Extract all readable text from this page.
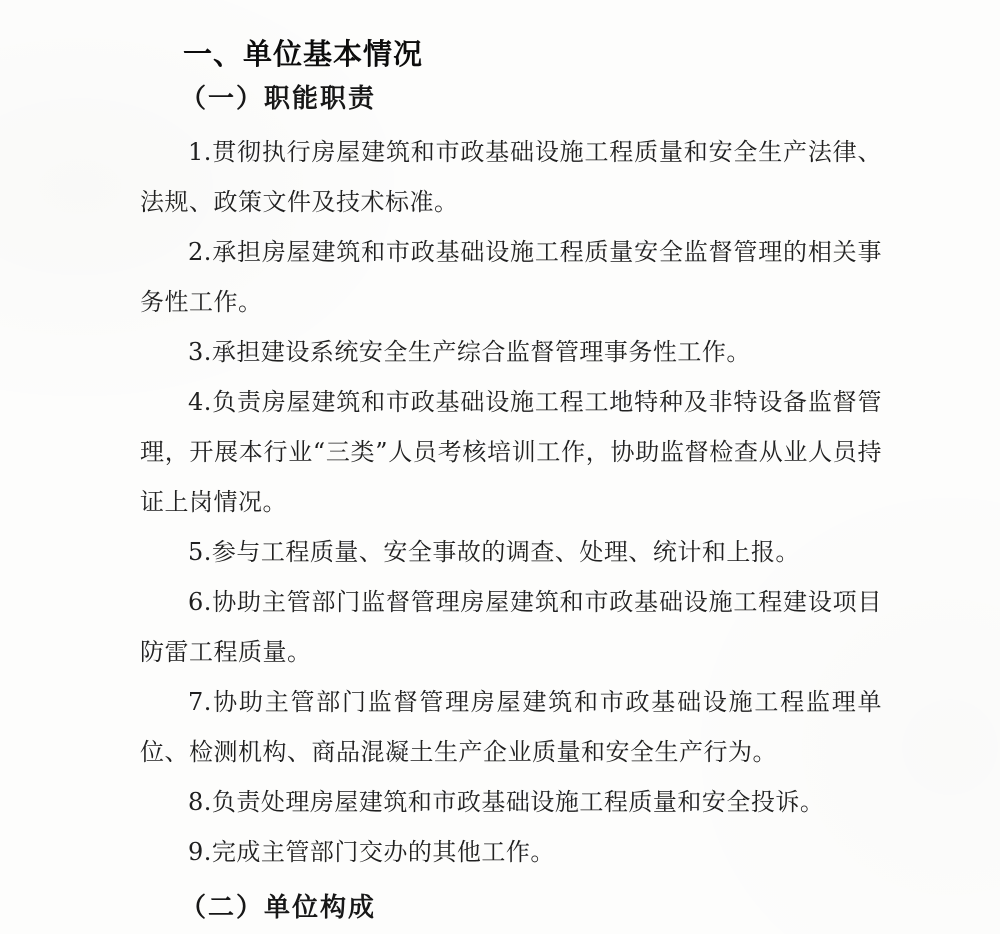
一、单位基本情况
（一）职能职责

1.贯彻执行房屋建筑和市政基础设施工程质量和安全生产法律、法规、政策文件及技术标准。

2.承担房屋建筑和市政基础设施工程质量安全监督管理的相关事务性工作。

3.承担建设系统安全生产综合监督管理事务性工作。

4.负责房屋建筑和市政基础设施工程工地特种及非特设备监督管理，开展本行业“三类”人员考核培训工作，协助监督检查从业人员持证上岗情况。

5.参与工程质量、安全事故的调查、处理、统计和上报。

6.协助主管部门监督管理房屋建筑和市政基础设施工程建设项目防雷工程质量。

7.协助主管部门监督管理房屋建筑和市政基础设施工程监理单位、检测机构、商品混凝土生产企业质量和安全生产行为。

8.负责处理房屋建筑和市政基础设施工程质量和安全投诉。

9.完成主管部门交办的其他工作。

（二）单位构成
